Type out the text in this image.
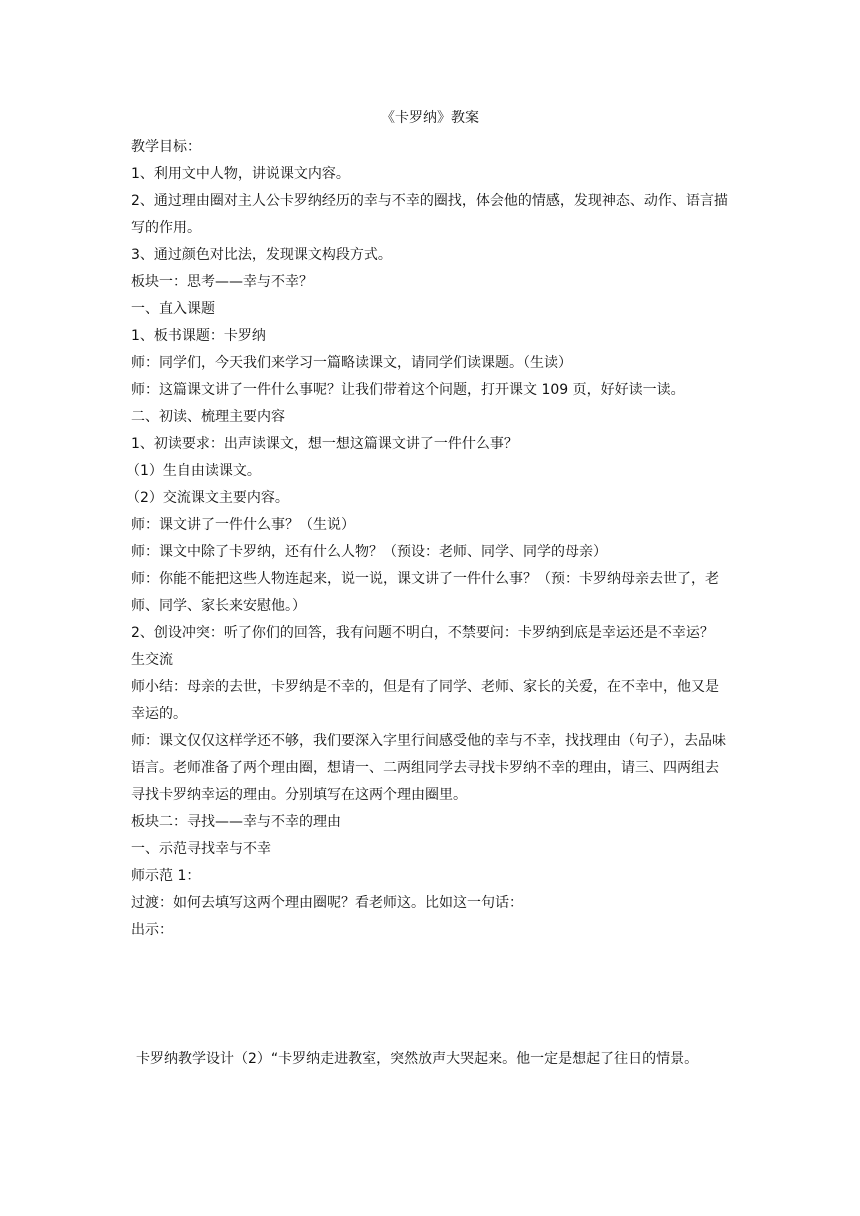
《卡罗纳》教案

教学目标：

1、利用文中人物，讲说课文内容。

2、通过理由圈对主人公卡罗纳经历的幸与不幸的圈找，体会他的情感，发现神态、动作、语言描写的作用。

3、通过颜色对比法，发现课文构段方式。

板块一：思考——幸与不幸？

一、直入课题

1、板书课题：卡罗纳

师：同学们，今天我们来学习一篇略读课文，请同学们读课题。（生读）

师：这篇课文讲了一件什么事呢？让我们带着这个问题，打开课文 109 页，好好读一读。

二、初读、梳理主要内容

1、初读要求：出声读课文，想一想这篇课文讲了一件什么事？

（1）生自由读课文。

（2）交流课文主要内容。

师：课文讲了一件什么事？（生说）

师：课文中除了卡罗纳，还有什么人物？（预设：老师、同学、同学的母亲）

师：你能不能把这些人物连起来，说一说，课文讲了一件什么事？（预：卡罗纳母亲去世了，老师、同学、家长来安慰他。）

2、创设冲突：听了你们的回答，我有问题不明白，不禁要问：卡罗纳到底是幸运还是不幸运？

生交流

师小结：母亲的去世，卡罗纳是不幸的，但是有了同学、老师、家长的关爱，在不幸中，他又是幸运的。

师：课文仅仅这样学还不够，我们要深入字里行间感受他的幸与不幸，找找理由（句子），去品味语言。老师准备了两个理由圈，想请一、二两组同学去寻找卡罗纳不幸的理由，请三、四两组去寻找卡罗纳幸运的理由。分别填写在这两个理由圈里。

板块二：寻找——幸与不幸的理由

一、示范寻找幸与不幸

师示范 1：

过渡：如何去填写这两个理由圈呢？看老师这。比如这一句话：

出示：

卡罗纳教学设计（2）“卡罗纳走进教室，突然放声大哭起来。他一定是想起了往日的情景。
